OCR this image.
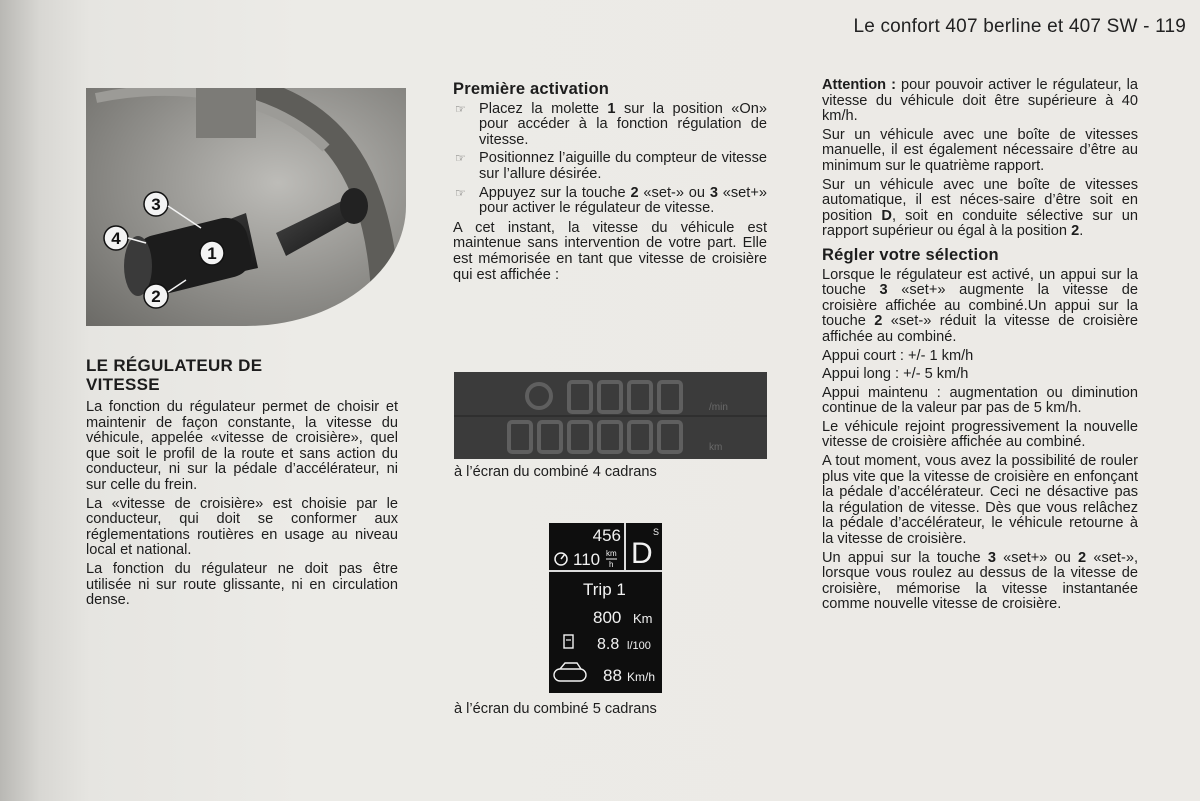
Le confort 407 berline et 407 SW - 119
1
2
3
4
LE RÉGULATEUR DE
VITESSE

La fonction du régulateur permet de choisir et maintenir de façon constante, la vitesse du véhicule, appelée «vitesse de croisière», quel que soit le profil de la route et sans action du conducteur, ni sur la pédale d’accélérateur, ni sur celle du frein.

La «vitesse de croisière» est choisie par le conducteur, qui doit se conformer aux réglementations routières en usage au niveau local et national.

La fonction du régulateur ne doit pas être utilisée ni sur route glissante, ni en circulation dense.

Première activation
☞ Placez la molette 1 sur la position «On» pour accéder à la fonction régulation de vitesse.
☞ Positionnez l’aiguille du compteur de vitesse sur l’allure désirée.
☞ Appuyez sur la touche 2 «set-» ou 3 «set+» pour activer le régulateur de vitesse.

A cet instant, la vitesse du véhicule est maintenue sans intervention de votre part. Elle est mémorisée en tant que vitesse de croisière qui est affichée :

/min
km
à l’écran du combiné 4 cadrans
456
110 km
h D
S
Trip 1
800 Km
8.8 l/100
88 Km/h
à l’écran du combiné 5 cadrans

Attention : pour pouvoir activer le régulateur, la vitesse du véhicule doit être supérieure à 40 km/h.

Sur un véhicule avec une boîte de vitesses manuelle, il est également nécessaire d’être au minimum sur le quatrième rapport.

Sur un véhicule avec une boîte de vitesses automatique, il est néces-saire d’être soit en position D, soit en conduite sélective sur un rapport supérieur ou égal à la position 2.

Régler votre sélection

Lorsque le régulateur est activé, un appui sur la touche 3 «set+» augmente la vitesse de croisière affichée au combiné.Un appui sur la touche 2 «set-» réduit la vitesse de croisière affichée au combiné.

Appui court : +/- 1 km/h

Appui long : +/- 5 km/h

Appui maintenu : augmentation ou diminution continue de la valeur par pas de 5 km/h.

Le véhicule rejoint progressivement la nouvelle vitesse de croisière affichée au combiné.

A tout moment, vous avez la possibilité de rouler plus vite que la vitesse de croisière en enfonçant la pédale d’accélérateur. Ceci ne désactive pas la régulation de vitesse. Dès que vous relâchez la pédale d’accélérateur, le véhicule retourne à la vitesse de croisière.

Un appui sur la touche 3 «set+» ou 2 «set-», lorsque vous roulez au dessus de la vitesse de croisière, mémorise la vitesse instantanée comme nouvelle vitesse de croisière.
